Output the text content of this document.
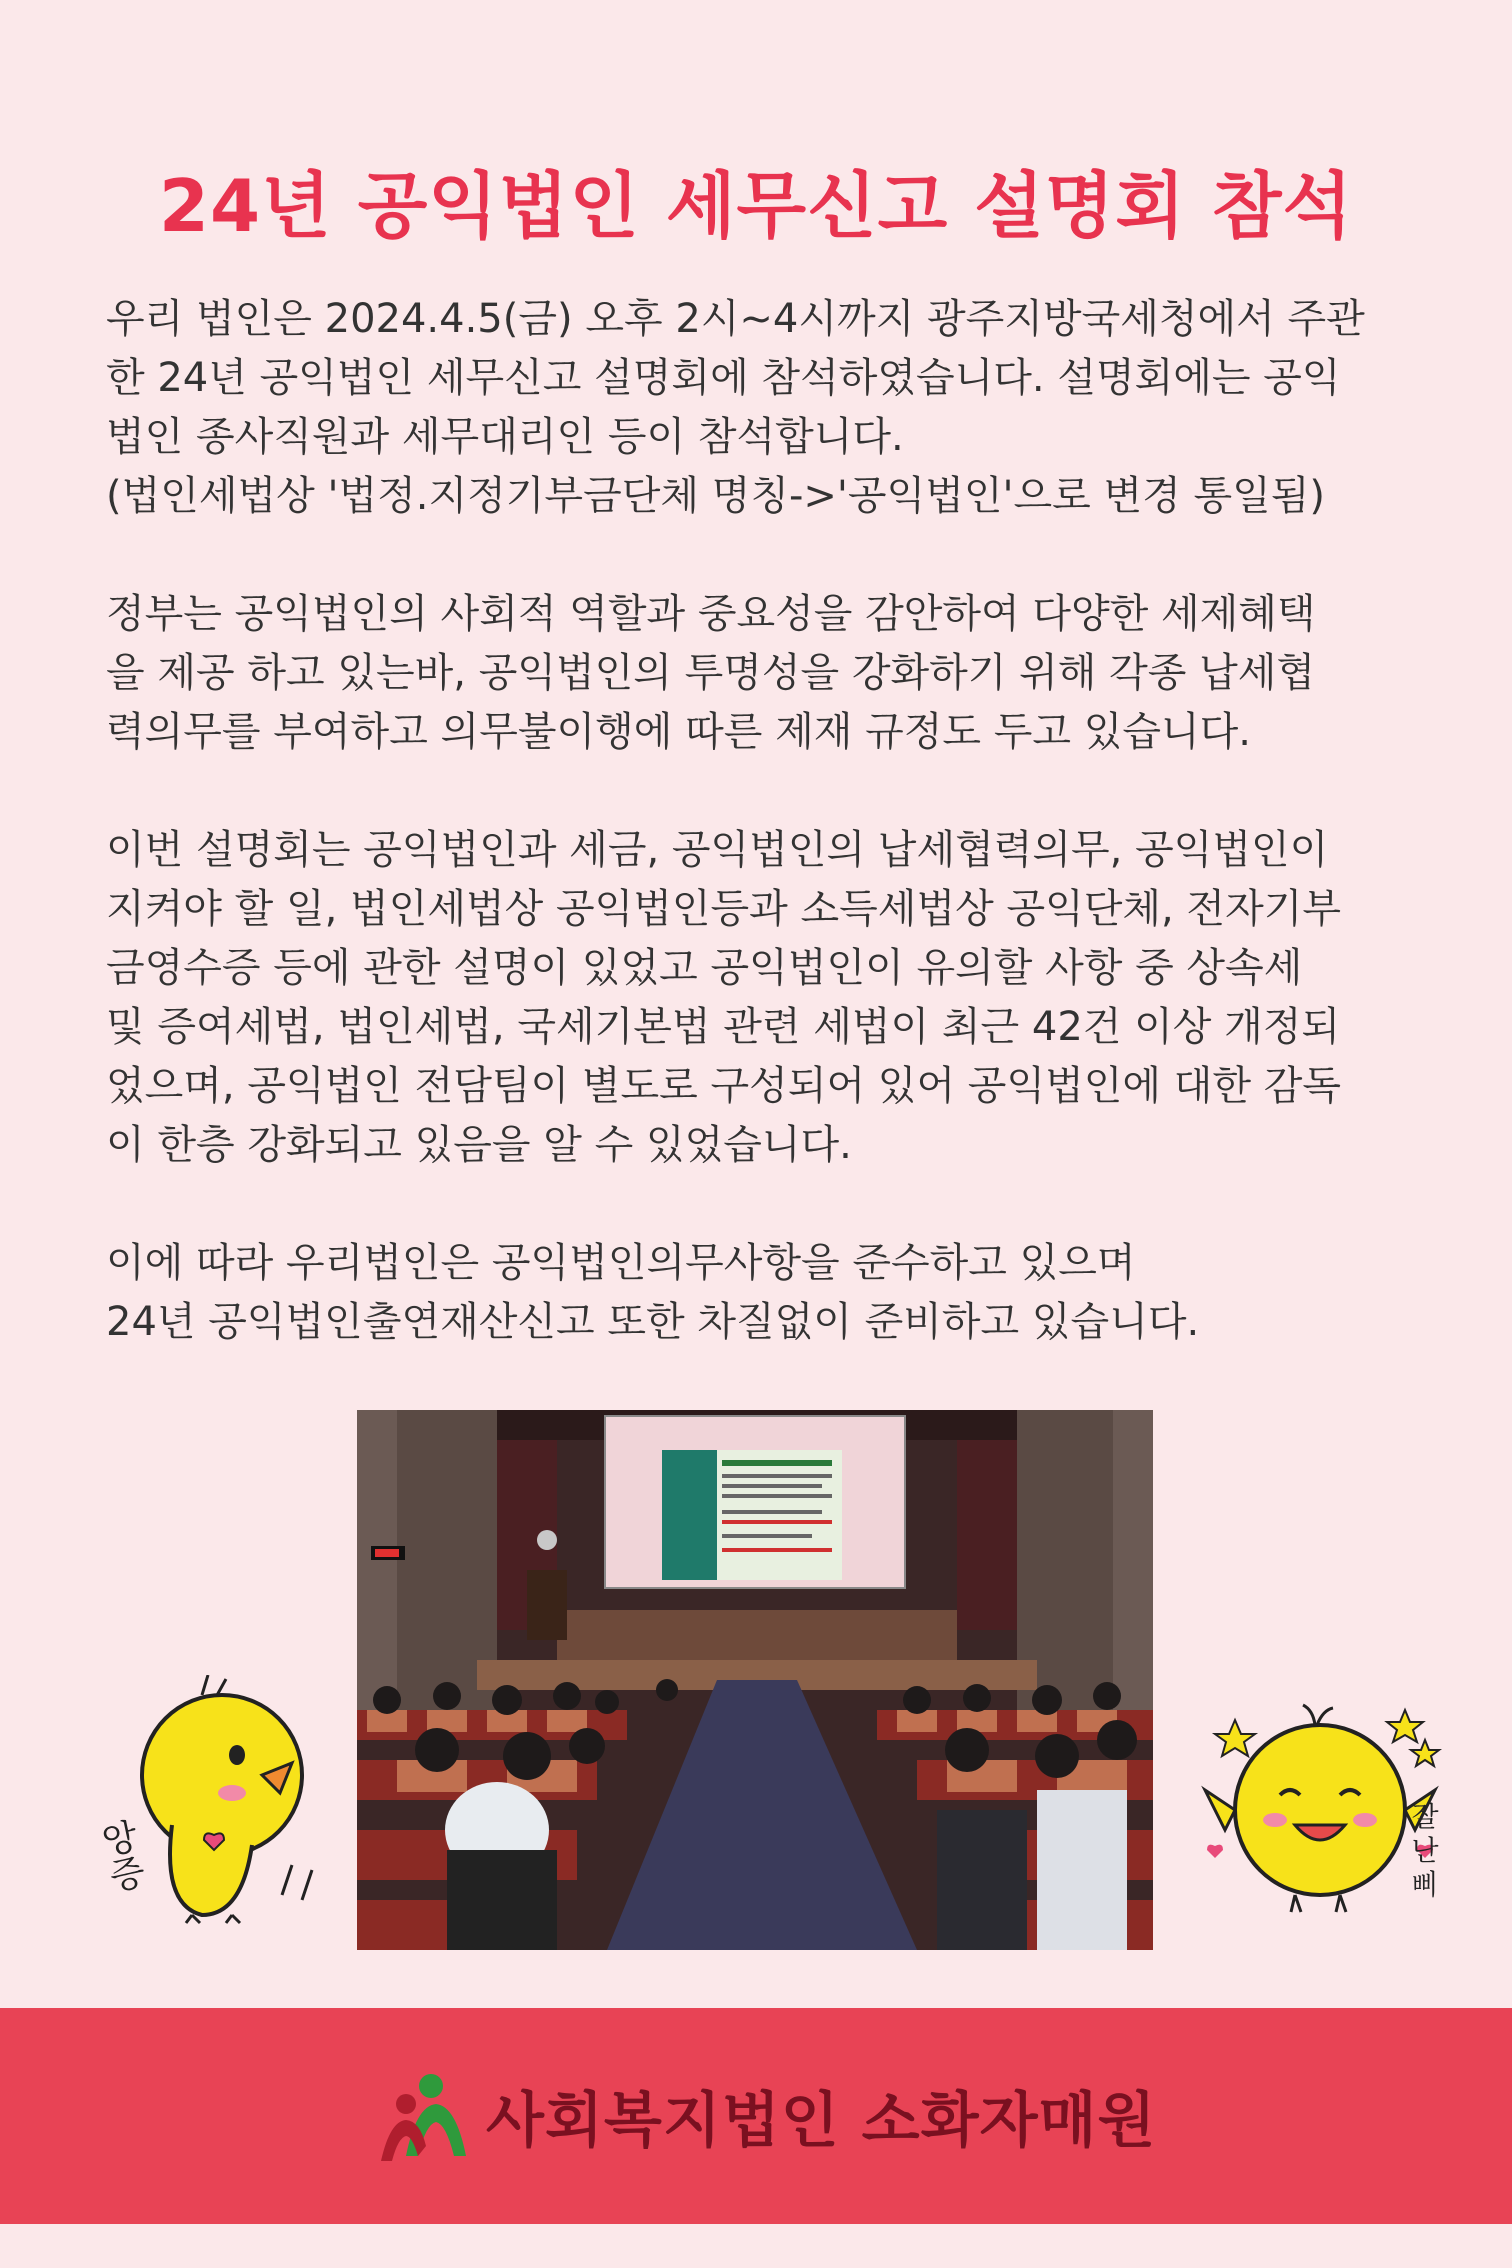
24년 공익법인 세무신고 설명회 참석

우리 법인은 2024.4.5(금) 오후 2시~4시까지 광주지방국세청에서 주관
한 24년 공익법인 세무신고 설명회에 참석하였습니다. 설명회에는 공익
법인 종사직원과 세무대리인 등이 참석합니다.
(법인세법상 '법정.지정기부금단체 명칭->'공익법인'으로 변경 통일됨)

정부는 공익법인의 사회적 역할과 중요성을 감안하여 다양한 세제혜택
을 제공 하고 있는바, 공익법인의 투명성을 강화하기 위해 각종 납세협
력의무를 부여하고 의무불이행에 따른 제재 규정도 두고 있습니다.

이번 설명회는 공익법인과 세금, 공익법인의 납세협력의무, 공익법인이
지켜야 할 일, 법인세법상 공익법인등과 소득세법상 공익단체, 전자기부
금영수증 등에 관한 설명이 있었고 공익법인이 유의할 사항 중 상속세
및 증여세법, 법인세법, 국세기본법 관련 세법이 최근 42건 이상 개정되
었으며, 공익법인 전담팀이 별도로 구성되어 있어 공익법인에 대한 감독
이 한층 강화되고 있음을 알 수 있었습니다.

이에 따라 우리법인은 공익법인의무사항을 준수하고 있으며
24년 공익법인출연재산신고 또한 차질없이 준비하고 있습니다.

앙증
잘
난
삐
사회복지법인 소화자매원
